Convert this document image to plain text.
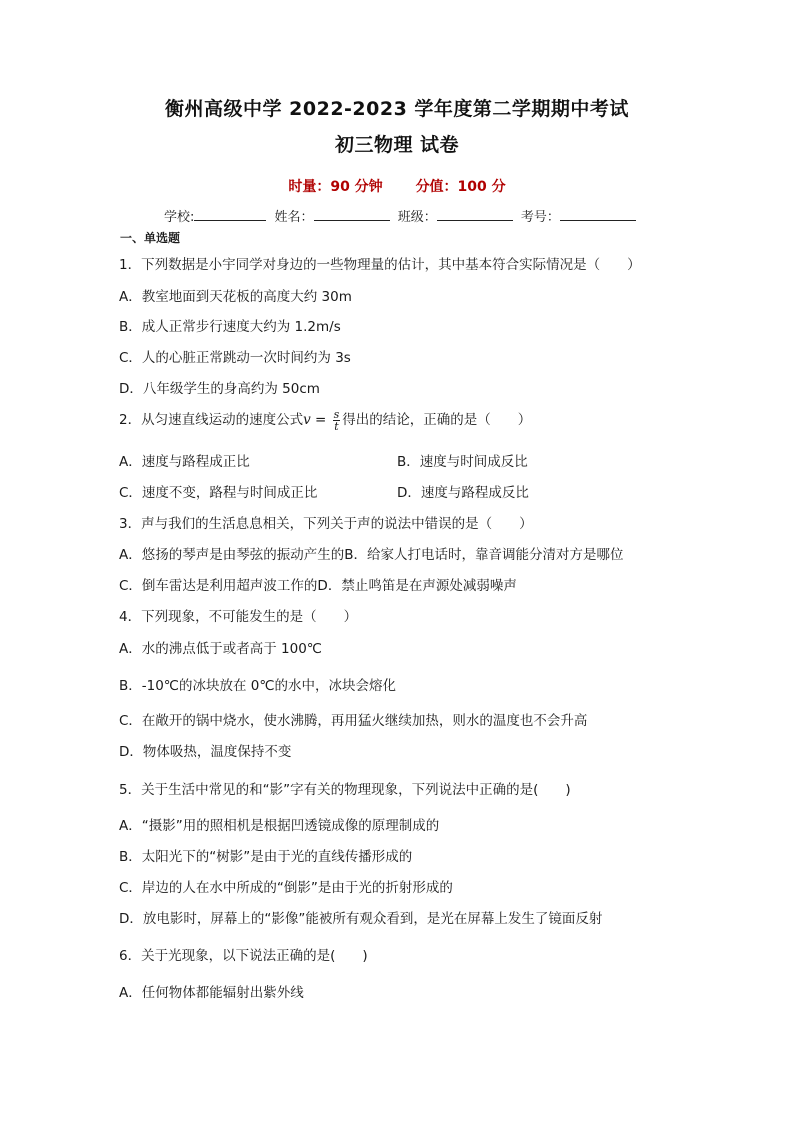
衡州高级中学 2022-2023 学年度第二学期期中考试
初三物理 试卷
时量：90 分钟 分值：100 分
学校:	姓名：	班级：	考号：
一、单选题
1．下列数据是小宇同学对身边的一些物理量的估计，其中基本符合实际情况是（　　）
A．教室地面到天花板的高度大约 30m
B．成人正常步行速度大约为 1.2m/s
C．人的心脏正常跳动一次时间约为 3s
D．八年级学生的身高约为 50cm
2．从匀速直线运动的速度公式$v = \frac{s}{t}$ 得出的结论，正确的是（　　）
A．速度与路程成正比	B．速度与时间成反比
C．速度不变，路程与时间成正比	D．速度与路程成反比
3．声与我们的生活息息相关，下列关于声的说法中错误的是（　　）
A．悠扬的琴声是由琴弦的振动产生的B．给家人打电话时，靠音调能分清对方是哪位
C．倒车雷达是利用超声波工作的D．禁止鸣笛是在声源处减弱噪声
4．下列现象，不可能发生的是（　　）
A．水的沸点低于或者高于 100℃
B．-10℃的冰块放在 0℃的水中，冰块会熔化
C．在敞开的锅中烧水，使水沸腾，再用猛火继续加热，则水的温度也不会升高
D．物体吸热，温度保持不变
5．关于生活中常见的和“影”字有关的物理现象，下列说法中正确的是(　　)
A．“摄影”用的照相机是根据凹透镜成像的原理制成的
B．太阳光下的“树影”是由于光的直线传播形成的
C．岸边的人在水中所成的“倒影”是由于光的折射形成的
D．放电影时，屏幕上的“影像”能被所有观众看到，是光在屏幕上发生了镜面反射
6．关于光现象，以下说法正确的是(　　)
A．任何物体都能辐射出紫外线
